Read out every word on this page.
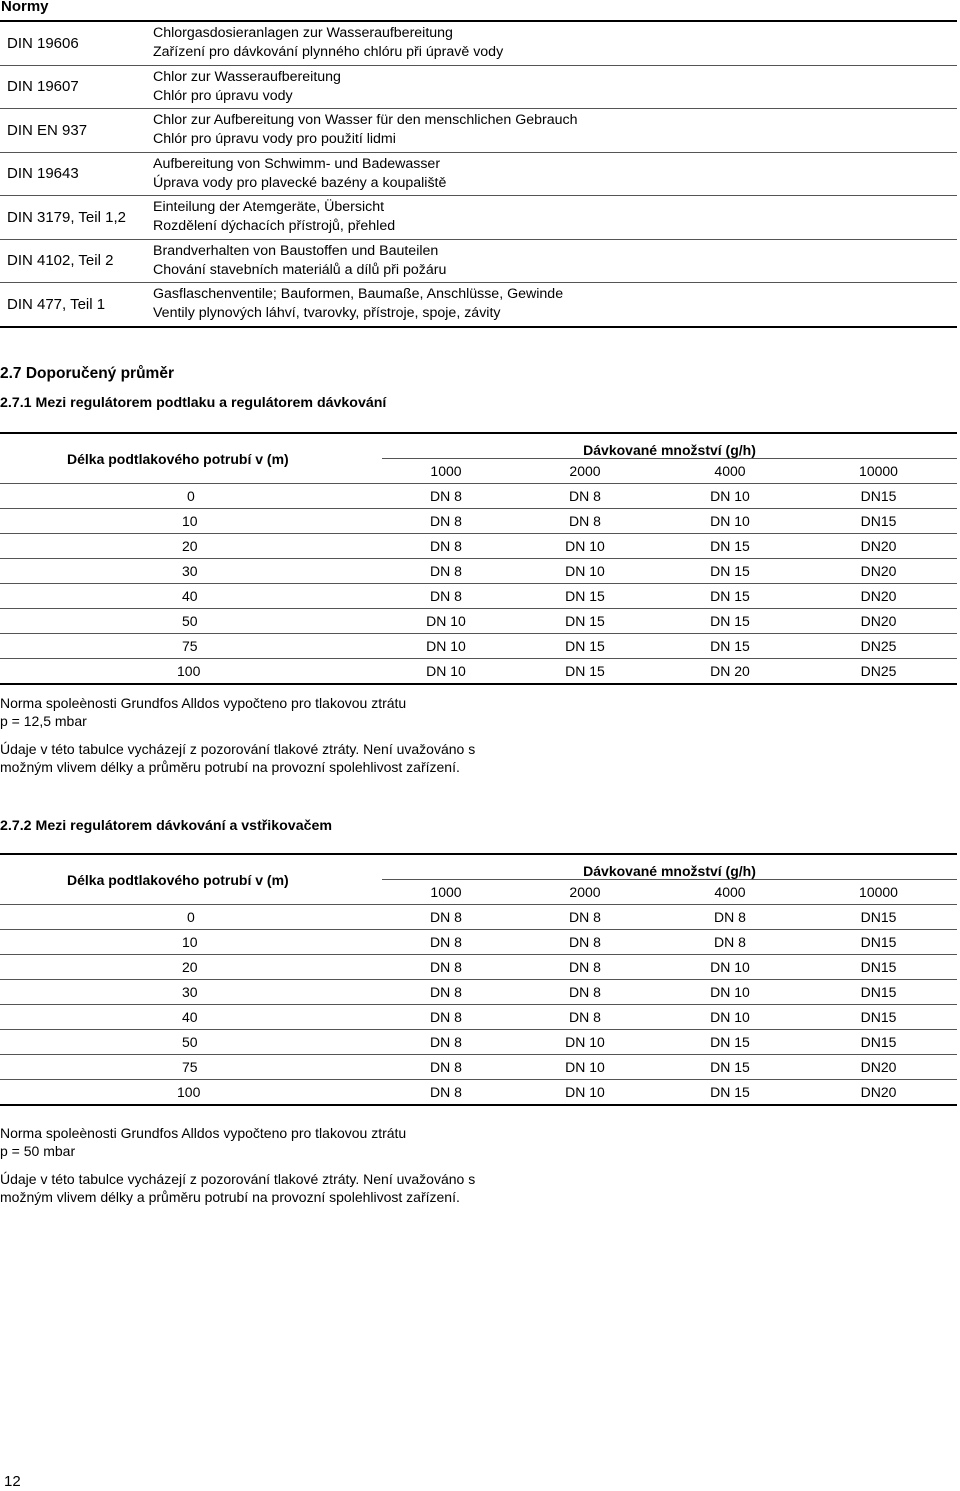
Normy
DIN 19606	Chlorgasdosieranlagen zur Wasseraufbereitung
Zařízení pro dávkování plynného chlóru při úpravě vody

DIN 19607	Chlor zur Wasseraufbereitung
Chlór pro úpravu vody

DIN EN 937	Chlor zur Aufbereitung von Wasser für den menschlichen Gebrauch
Chlór pro úpravu vody pro použití lidmi

DIN 19643	Aufbereitung von Schwimm- und Badewasser
Úprava vody pro plavecké bazény a koupaliště

DIN 3179, Teil 1,2	Einteilung der Atemgeräte, Übersicht
Rozdělení dýchacích přístrojů, přehled

DIN 4102, Teil 2	Brandverhalten von Baustoffen und Bauteilen
Chování stavebních materiálů a dílů při požáru

DIN 477, Teil 1	Gasflaschenventile; Bauformen, Baumaße, Anschlüsse, Gewinde
Ventily plynových láhví, tvarovky, přístroje, spoje, závity
2.7 Doporučený průměr
2.7.1 Mezi regulátorem podtlaku a regulátorem dávkování
Délka podtlakového potrubí v (m)	Dávkované množství (g/h)			
	1000	2000	4000	10000
0	DN 8	DN 8	DN 10	DN15
10	DN 8	DN 8	DN 10	DN15
20	DN 8	DN 10	DN 15	DN20
30	DN 8	DN 10	DN 15	DN20
40	DN 8	DN 15	DN 15	DN20
50	DN 10	DN 15	DN 15	DN20
75	DN 10	DN 15	DN 15	DN25
100	DN 10	DN 15	DN 20	DN25

Norma spoleènosti Grundfos Alldos vypočteno pro tlakovou ztrátu

p = 12,5 mbar

Údaje v této tabulce vycházejí z pozorování tlakové ztráty. Není uvažováno s možným vlivem délky a průměru potrubí na provozní spolehlivost zařízení.

2.7.2 Mezi regulátorem dávkování a vstřikovačem
Délka podtlakového potrubí v (m)	Dávkované množství (g/h)			
	1000	2000	4000	10000
0	DN 8	DN 8	DN 8	DN15
10	DN 8	DN 8	DN 8	DN15
20	DN 8	DN 8	DN 10	DN15
30	DN 8	DN 8	DN 10	DN15
40	DN 8	DN 8	DN 10	DN15
50	DN 8	DN 10	DN 15	DN15
75	DN 8	DN 10	DN 15	DN20
100	DN 8	DN 10	DN 15	DN20

Norma spoleènosti Grundfos Alldos vypočteno pro tlakovou ztrátu

p = 50 mbar

Údaje v této tabulce vycházejí z pozorování tlakové ztráty. Není uvažováno s možným vlivem délky a průměru potrubí na provozní spolehlivost zařízení.

12
